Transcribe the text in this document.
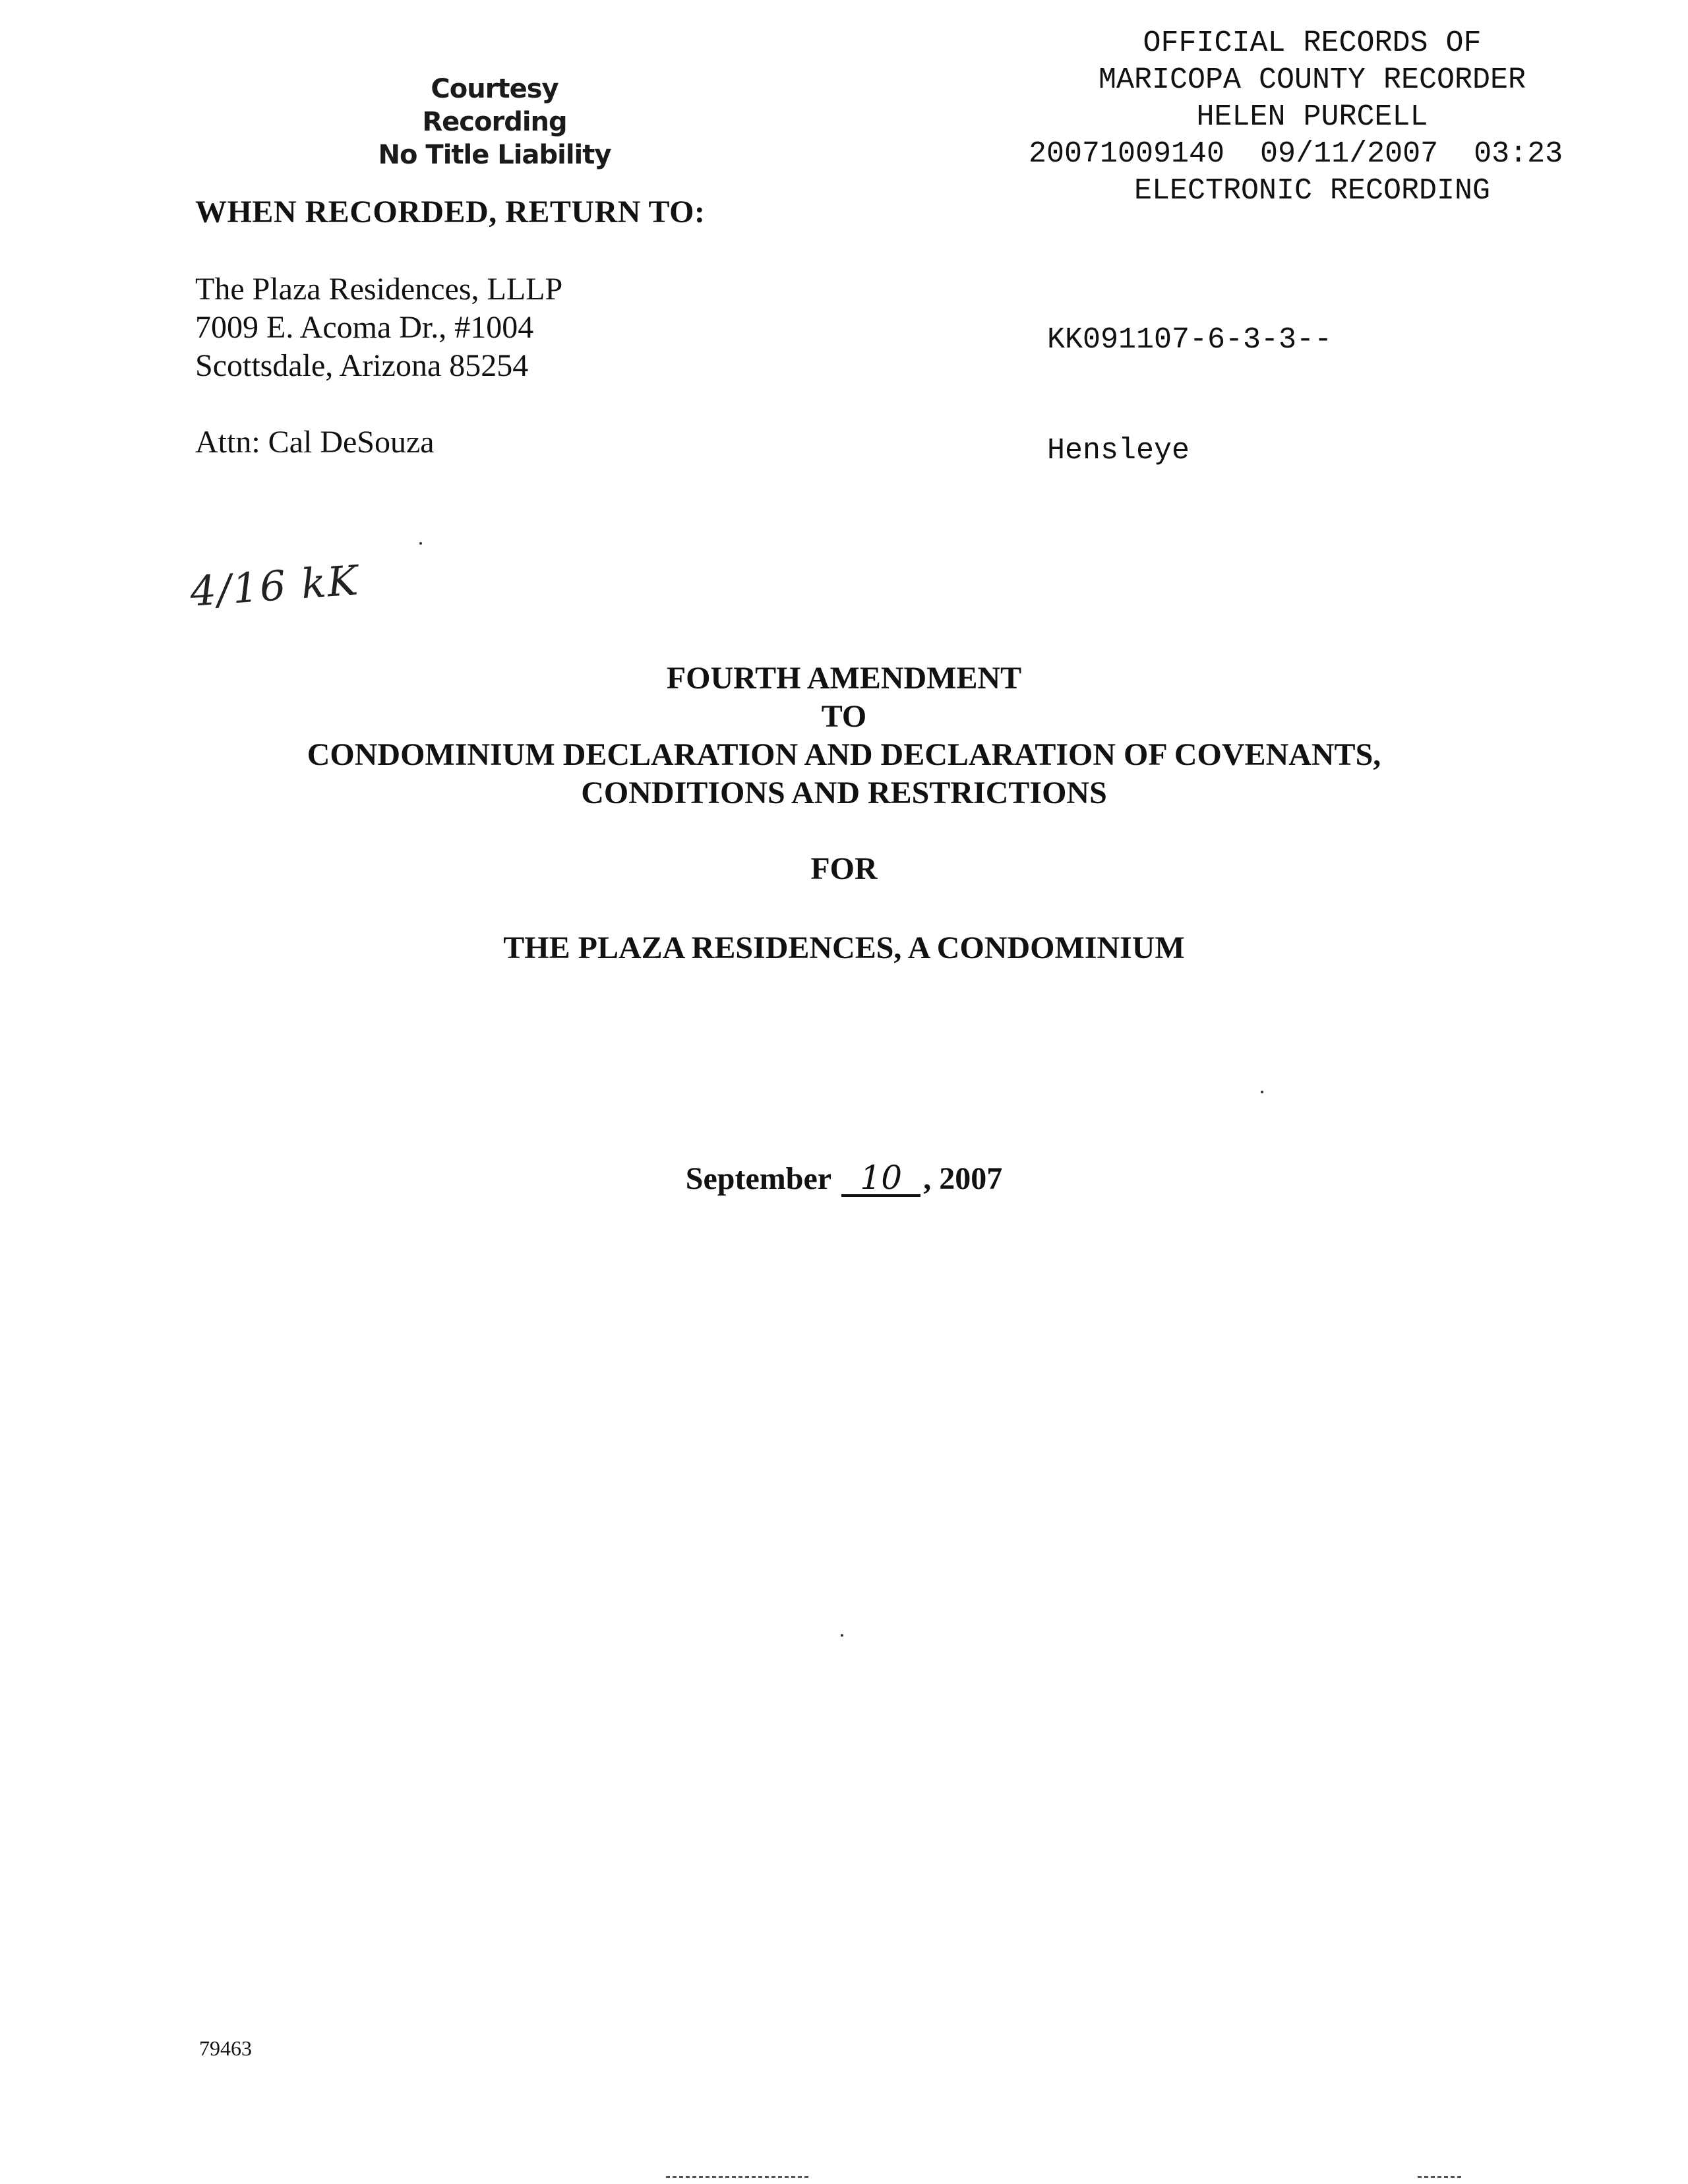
Courtesy Recording
No Title Liability
OFFICIAL RECORDS OF
MARICOPA COUNTY RECORDER
HELEN PURCELL
20071009140  09/11/2007  03:23
ELECTRONIC RECORDING

KK091107-6-3-3--

Hensleye

WHEN RECORDED, RETURN TO:
The Plaza Residences, LLLP
7009 E. Acoma Dr., #1004
Scottsdale, Arizona 85254
Attn: Cal DeSouza
4/16 kK
FOURTH AMENDMENT
TO
CONDOMINIUM DECLARATION AND DECLARATION OF COVENANTS,
CONDITIONS AND RESTRICTIONS
FOR
THE PLAZA RESIDENCES, A CONDOMINIUM
September 10 , 2007
79463
